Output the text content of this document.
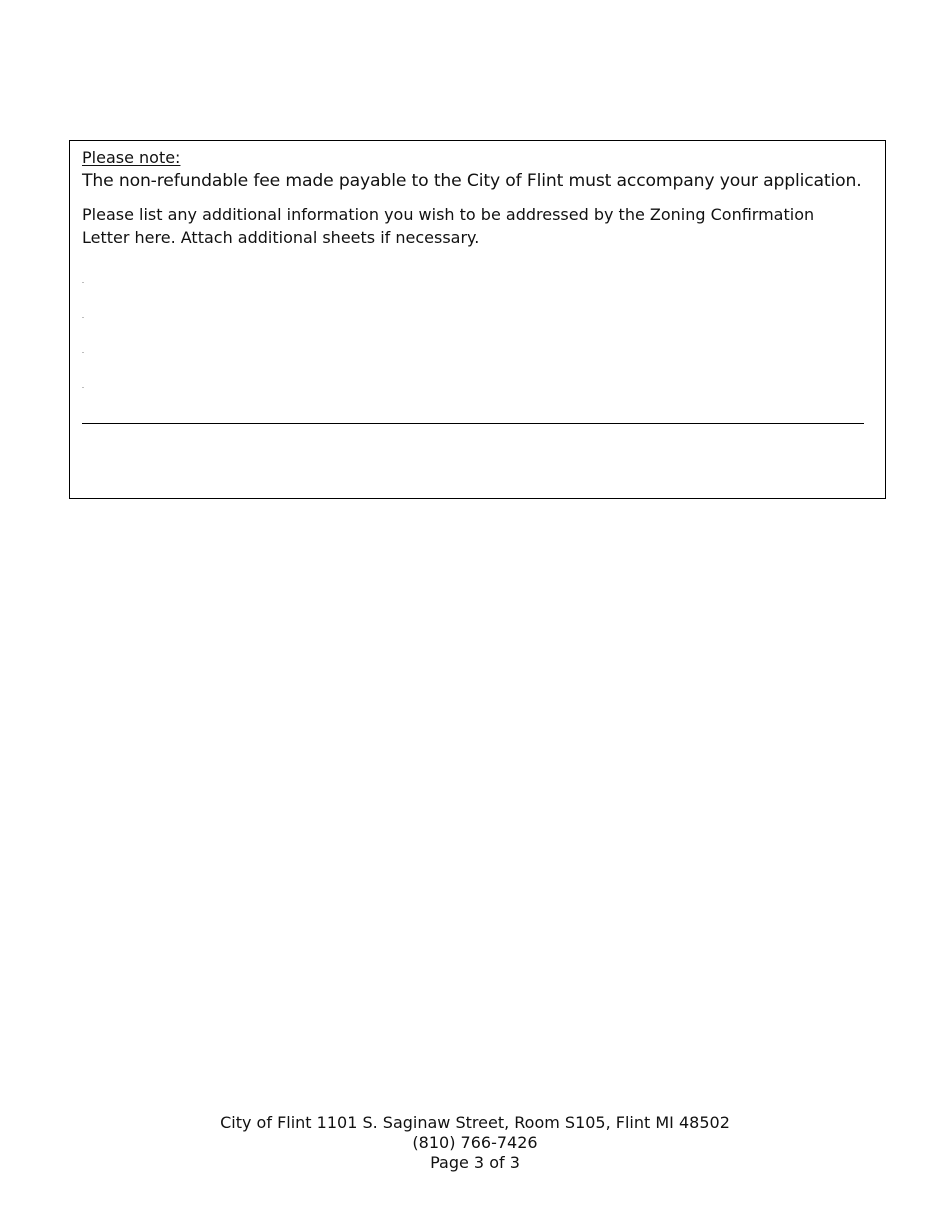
Please note:
The non-refundable fee made payable to the City of Flint must accompany your application.

Please list any additional information you wish to be addressed by the Zoning Confirmation

Letter here. Attach additional sheets if necessary.

City of Flint 1101 S. Saginaw Street, Room S105, Flint MI 48502
(810) 766-7426
Page 3 of 3
